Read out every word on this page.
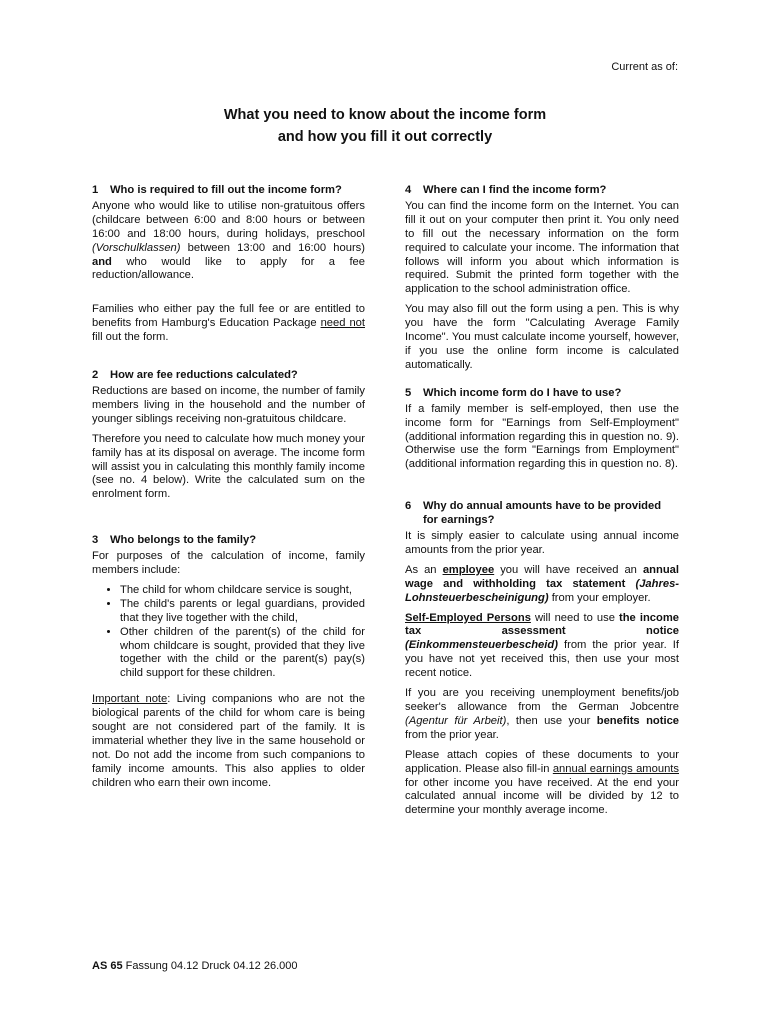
Current as of:
What you need to know about the income form
and how you fill it out correctly
1	Who is required to fill out the income form?

Anyone who would like to utilise non-gratuitous offers (childcare between 6:00 and 8:00 hours or between 16:00 and 18:00 hours, during holidays, preschool (Vorschulklassen) between 13:00 and 16:00 hours) and who would like to apply for a fee reduction/allowance.

Families who either pay the full fee or are entitled to benefits from Hamburg's Education Package need not fill out the form.

2	How are fee reductions calculated?

Reductions are based on income, the number of family members living in the household and the number of younger siblings receiving non-gratuitous childcare.

Therefore you need to calculate how much money your family has at its disposal on average. The income form will assist you in calculating this monthly family income (see no. 4 below). Write the calculated sum on the enrolment form.

3	Who belongs to the family?

For purposes of the calculation of income, family members include:

• The child for whom childcare service is sought,
• The child's parents or legal guardians, provided that they live together with the child,
• Other children of the parent(s) of the child for whom childcare is sought, provided that they live together with the child or the parent(s) pay(s) child support for these children.

Important note: Living companions who are not the biological parents of the child for whom care is being sought are not considered part of the family. It is immaterial whether they live in the same household or not. Do not add the income from such companions to family income amounts. This also applies to older children who earn their own income.

4	Where can I find the income form?

You can find the income form on the Internet. You can fill it out on your computer then print it. You only need to fill out the necessary information on the form required to calculate your income. The information that follows will inform you about which information is required. Submit the printed form together with the application to the school administration office.

You may also fill out the form using a pen. This is why you have the form "Calculating Average Family Income". You must calculate income yourself, however, if you use the online form income is calculated automatically.

5	Which income form do I have to use?

If a family member is self-employed, then use the income form for "Earnings from Self-Employment" (additional information regarding this in question no. 9). Otherwise use the form "Earnings from Employment" (additional information regarding this in question no. 8).

6	Why do annual amounts have to be provided for earnings?

It is simply easier to calculate using annual income amounts from the prior year.

As an employee you will have received an annual wage and withholding tax statement (Jahres-Lohnsteuerbescheinigung) from your employer.

Self-Employed Persons will need to use the income tax assessment notice (Einkommensteuerbescheid) from the prior year. If you have not yet received this, then use your most recent notice.

If you are you receiving unemployment benefits/job seeker's allowance from the German Jobcentre (Agentur für Arbeit), then use your benefits notice from the prior year.

Please attach copies of these documents to your application. Please also fill-in annual earnings amounts for other income you have received. At the end your calculated annual income will be divided by 12 to determine your monthly average income.

AS 65 Fassung 04.12 Druck 04.12 26.000
